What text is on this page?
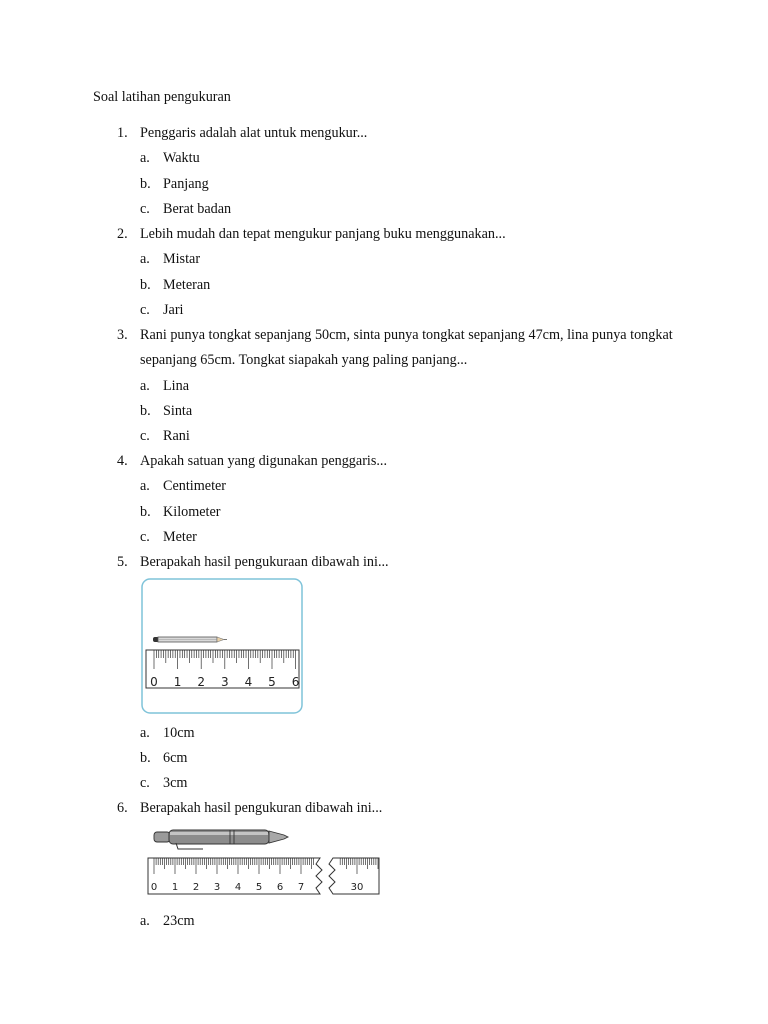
Soal latihan pengukuran
1. Penggaris adalah alat untuk mengukur...
a. Waktu
b. Panjang
c. Berat badan
2. Lebih mudah dan tepat mengukur panjang buku menggunakan...
a. Mistar
b. Meteran
c. Jari
3. Rani punya tongkat sepanjang 50cm, sinta punya tongkat sepanjang 47cm, lina punya tongkat sepanjang 65cm. Tongkat siapakah yang paling panjang...
a. Lina
b. Sinta
c. Rani
4. Apakah satuan yang digunakan penggaris...
a. Centimeter
b. Kilometer
c. Meter
5. Berapakah hasil pengukuraan dibawah ini...
0 1 2 3 4 5 6
a. 10cm
b. 6cm
c. 3cm
6. Berapakah hasil pengukuran dibawah ini...
0 1 2 3 4 5 6 7	30
a. 23cm
